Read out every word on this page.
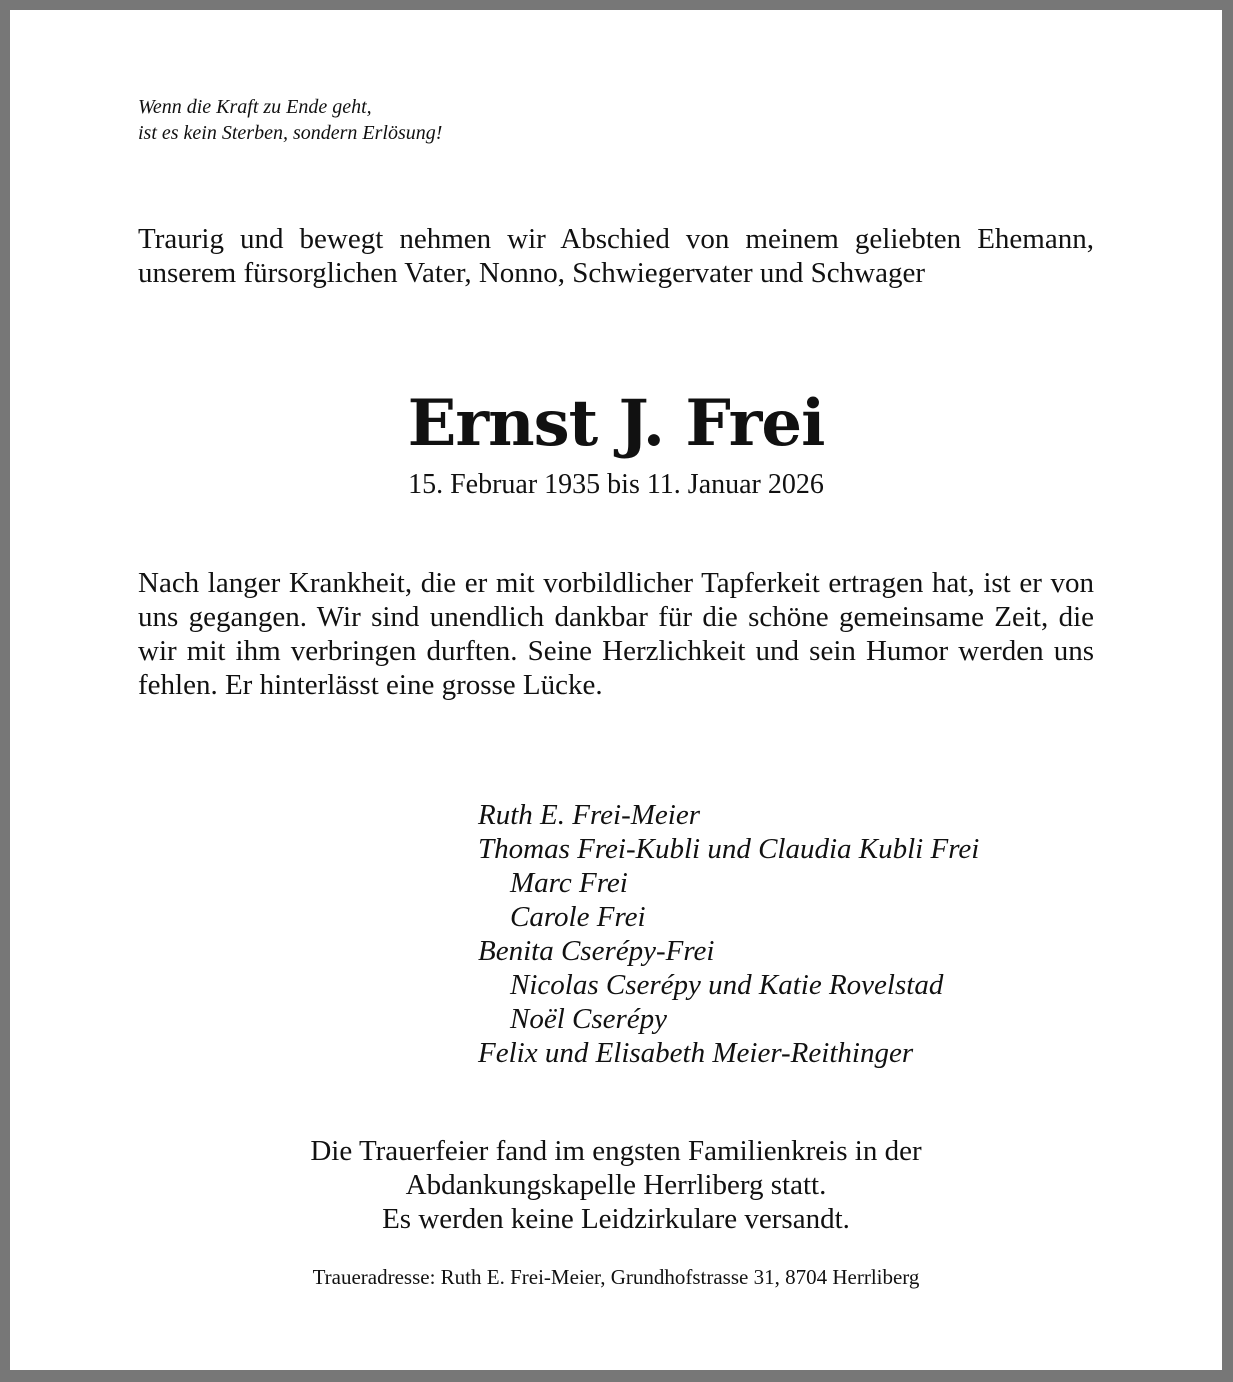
Wenn die Kraft zu Ende geht,
ist es kein Sterben, sondern Erlösung!
Traurig und bewegt nehmen wir Abschied von meinem geliebten Ehemann, unserem fürsorglichen Vater, Nonno, Schwiegervater und Schwager
Ernst J. Frei
15. Februar 1935 bis 11. Januar 2026
Nach langer Krankheit, die er mit vorbildlicher Tapferkeit ertragen hat, ist er von uns gegangen. Wir sind unendlich dankbar für die schöne gemeinsame Zeit, die wir mit ihm verbringen durften. Seine Herzlichkeit und sein Humor werden uns fehlen. Er hinterlässt eine grosse Lücke.
Ruth E. Frei-Meier
Thomas Frei-Kubli und Claudia Kubli Frei
Marc Frei
Carole Frei
Benita Cserépy-Frei
Nicolas Cserépy und Katie Rovelstad
Noël Cserépy
Felix und Elisabeth Meier-Reithinger
Die Trauerfeier fand im engsten Familienkreis in der
Abdankungskapelle Herrliberg statt.
Es werden keine Leidzirkulare versandt.
Traueradresse: Ruth E. Frei-Meier, Grundhofstrasse 31, 8704 Herrliberg
